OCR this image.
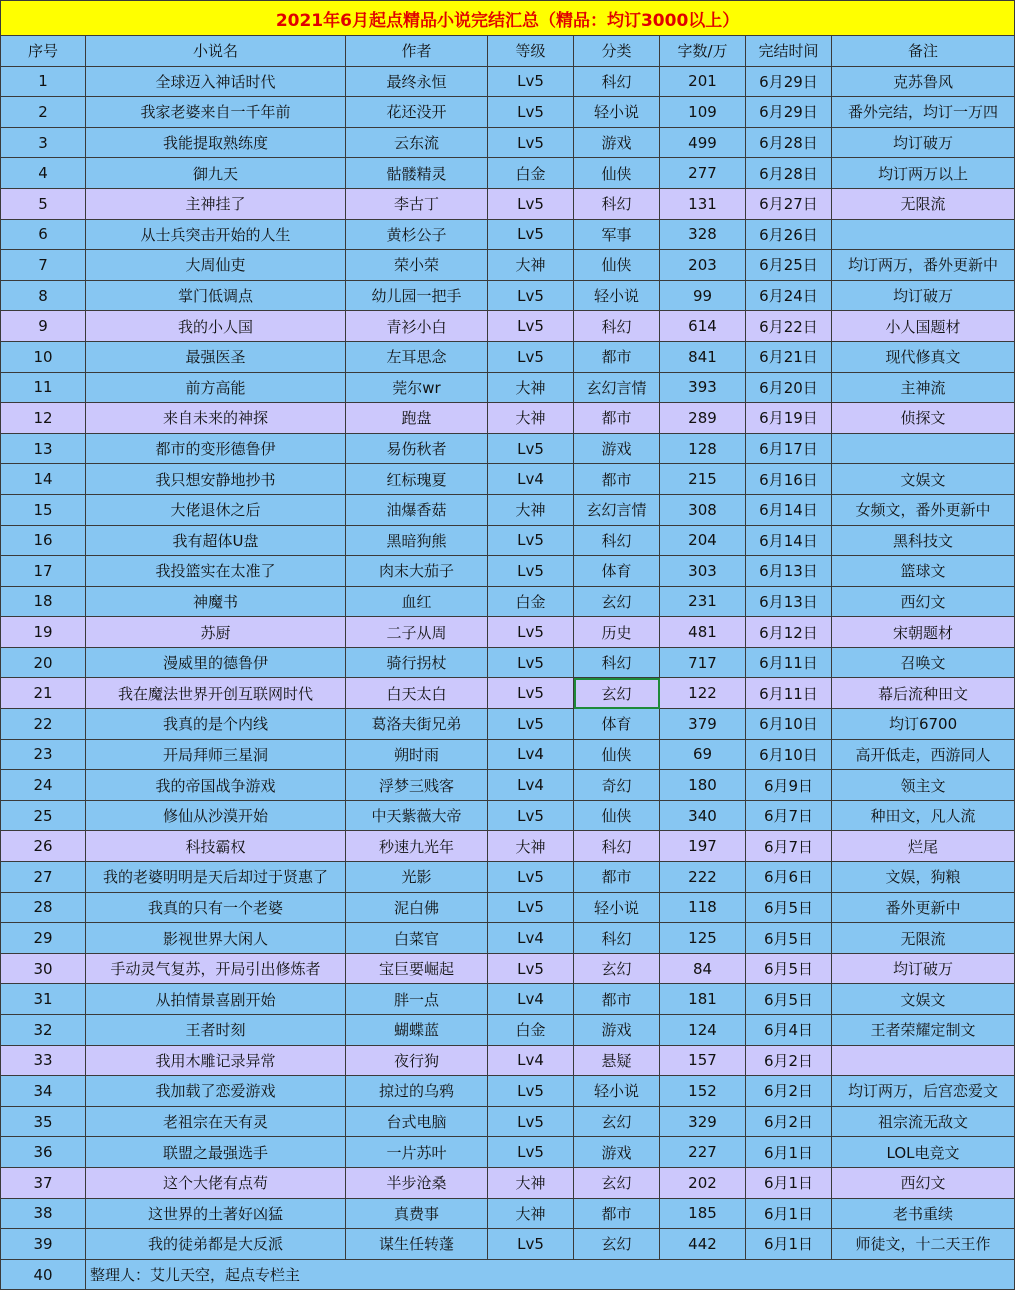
2021年6月起点精品小说完结汇总（精品：均订3000以上）							
序号	小说名	作者	等级	分类	字数/万	完结时间	备注
1	全球迈入神话时代	最终永恒	Lv5	科幻	201	6月29日	克苏鲁风
2	我家老婆来自一千年前	花还没开	Lv5	轻小说	109	6月29日	番外完结，均订一万四
3	我能提取熟练度	云东流	Lv5	游戏	499	6月28日	均订破万
4	御九天	骷髅精灵	白金	仙侠	277	6月28日	均订两万以上
5	主神挂了	李古丁	Lv5	科幻	131	6月27日	无限流
6	从士兵突击开始的人生	黄杉公子	Lv5	军事	328	6月26日	
7	大周仙吏	荣小荣	大神	仙侠	203	6月25日	均订两万，番外更新中
8	掌门低调点	幼儿园一把手	Lv5	轻小说	99	6月24日	均订破万
9	我的小人国	青衫小白	Lv5	科幻	614	6月22日	小人国题材
10	最强医圣	左耳思念	Lv5	都市	841	6月21日	现代修真文
11	前方高能	莞尔wr	大神	玄幻言情	393	6月20日	主神流
12	来自未来的神探	跑盘	大神	都市	289	6月19日	侦探文
13	都市的变形德鲁伊	易伤秋者	Lv5	游戏	128	6月17日	
14	我只想安静地抄书	红标瑰夏	Lv4	都市	215	6月16日	文娱文
15	大佬退休之后	油爆香菇	大神	玄幻言情	308	6月14日	女频文，番外更新中
16	我有超体U盘	黑暗狗熊	Lv5	科幻	204	6月14日	黑科技文
17	我投篮实在太准了	肉末大茄子	Lv5	体育	303	6月13日	篮球文
18	神魔书	血红	白金	玄幻	231	6月13日	西幻文
19	苏厨	二子从周	Lv5	历史	481	6月12日	宋朝题材
20	漫威里的德鲁伊	骑行拐杖	Lv5	科幻	717	6月11日	召唤文
21	我在魔法世界开创互联网时代	白天太白	Lv5	玄幻	122	6月11日	幕后流种田文
22	我真的是个内线	葛洛夫街兄弟	Lv5	体育	379	6月10日	均订6700
23	开局拜师三星洞	朔时雨	Lv4	仙侠	69	6月10日	高开低走，西游同人
24	我的帝国战争游戏	浮梦三贱客	Lv4	奇幻	180	6月9日	领主文
25	修仙从沙漠开始	中天紫薇大帝	Lv5	仙侠	340	6月7日	种田文，凡人流
26	科技霸权	秒速九光年	大神	科幻	197	6月7日	烂尾
27	我的老婆明明是天后却过于贤惠了	光影	Lv5	都市	222	6月6日	文娱，狗粮
28	我真的只有一个老婆	泥白佛	Lv5	轻小说	118	6月5日	番外更新中
29	影视世界大闲人	白菜官	Lv4	科幻	125	6月5日	无限流
30	手动灵气复苏，开局引出修炼者	宝巨要崛起	Lv5	玄幻	84	6月5日	均订破万
31	从拍情景喜剧开始	胖一点	Lv4	都市	181	6月5日	文娱文
32	王者时刻	蝴蝶蓝	白金	游戏	124	6月4日	王者荣耀定制文
33	我用木雕记录异常	夜行狗	Lv4	悬疑	157	6月2日	
34	我加载了恋爱游戏	掠过的乌鸦	Lv5	轻小说	152	6月2日	均订两万，后宫恋爱文
35	老祖宗在天有灵	台式电脑	Lv5	玄幻	329	6月2日	祖宗流无敌文
36	联盟之最强选手	一片苏叶	Lv5	游戏	227	6月1日	LOL电竞文
37	这个大佬有点苟	半步沧桑	大神	玄幻	202	6月1日	西幻文
38	这世界的土著好凶猛	真费事	大神	都市	185	6月1日	老书重续
39	我的徒弟都是大反派	谋生任转蓬	Lv5	玄幻	442	6月1日	师徒文，十二天王作
40	整理人：艾儿天空，起点专栏主						
